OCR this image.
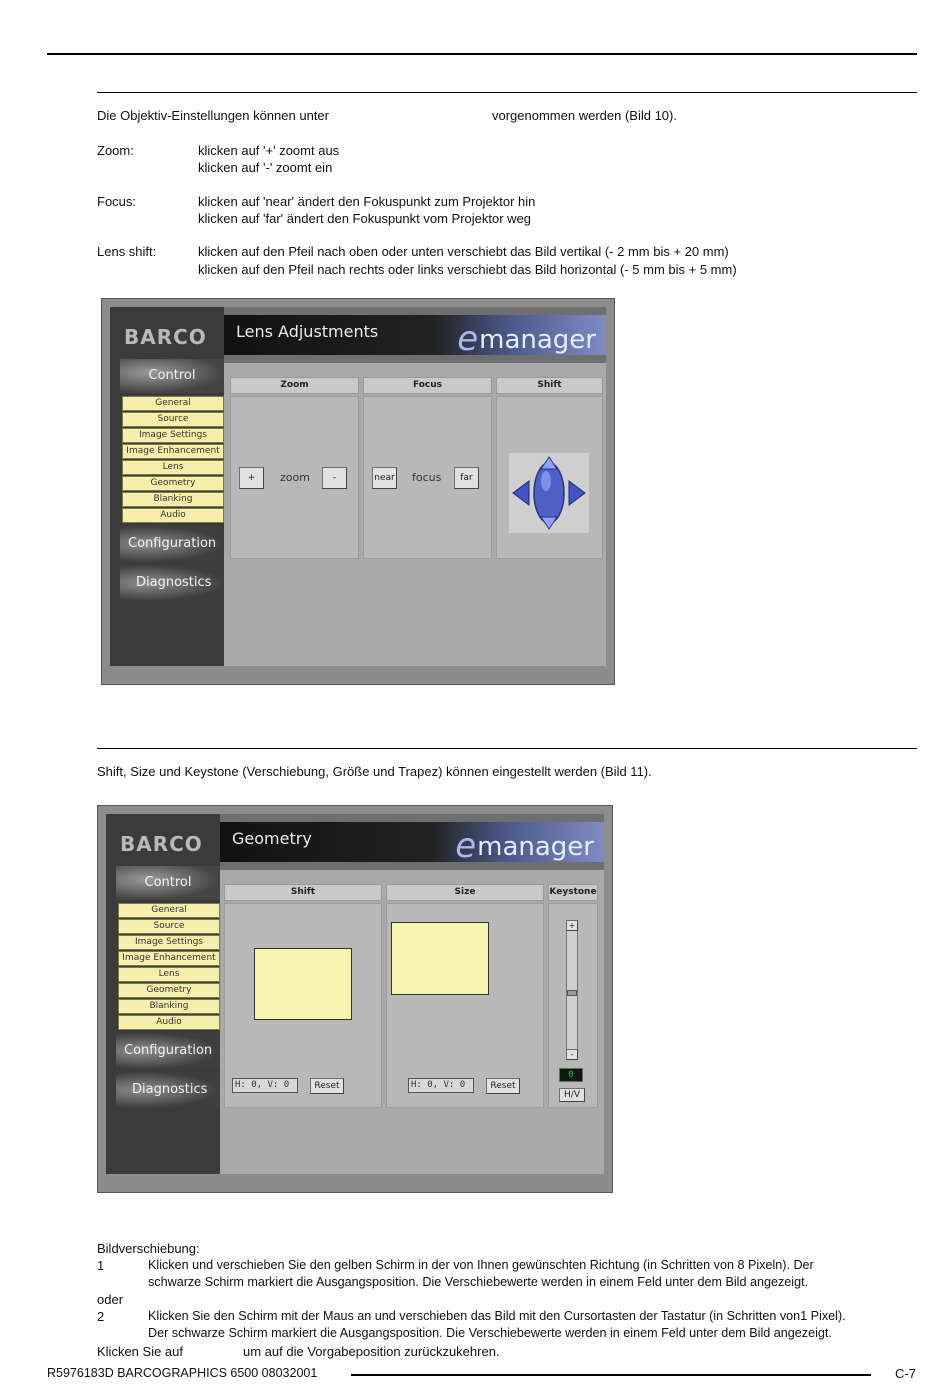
Die Objektiv-Einstellungen können unter	vorgenommen werden (Bild 10).
Zoom:	klicken auf '+' zoomt aus
klicken auf '-' zoomt ein
Focus:	klicken auf 'near' ändert den Fokuspunkt zum Projektor hin
klicken auf 'far' ändert den Fokuspunkt vom Projektor weg
Lens shift:	klicken auf den Pfeil nach oben oder unten verschiebt das Bild vertikal (- 2 mm bis + 20 mm)
klicken auf den Pfeil nach rechts oder links verschiebt das Bild horizontal (- 5 mm bis + 5 mm)
BARCO
Control
General
Source
Image Settings
Image Enhancement
Lens
Geometry
Blanking
Audio
Configuration
Diagnostics
Lens Adjustments emanager
Zoom	Focus	Shift
+	zoom	-	near focus	far
Shift, Size und Keystone (Verschiebung, Größe und Trapez) können eingestellt werden (Bild 11).
BARCO
Control
General
Source
Image Settings
Image Enhancement
Lens
Geometry
Blanking
Audio
Configuration
Diagnostics
Geometry	emanager
Shift	Size	Keystone
H: 0, V: 0	Reset	H: 0, V: 0	Reset
+
-
0
H/V
Bildverschiebung:
1	Klicken und verschieben Sie den gelben Schirm in der von Ihnen gewünschten Richtung (in Schritten von 8 Pixeln). Der
schwarze Schirm markiert die Ausgangsposition. Die Verschiebewerte werden in einem Feld unter dem Bild angezeigt.
oder
2	Klicken Sie den Schirm mit der Maus an und verschieben das Bild mit den Cursortasten der Tastatur (in Schritten von1 Pixel).
Der schwarze Schirm markiert die Ausgangsposition. Die Verschiebewerte werden in einem Feld unter dem Bild angezeigt.
Klicken Sie auf	um auf die Vorgabeposition zurückzukehren.
R5976183D BARCOGRAPHICS 6500 08032001	C-7
